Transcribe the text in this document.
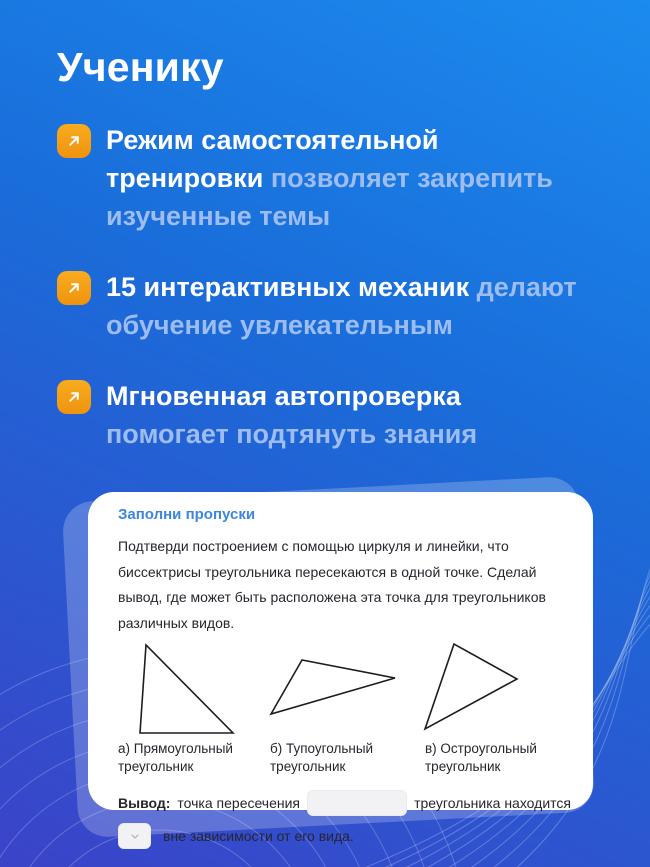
Ученику

Режим самостоятельной тренировки позволяет закрепить изученные темы

15 интерактивных механик делают обучение увлекательным

Мгновенная автопроверка помогает подтянуть знания

Заполни пропуски

Подтверди построением с помощью циркуля и линейки, что биссектрисы треугольника пересекаются в одной точке. Сделай вывод, где может быть расположена эта точка для треугольников различных видов.

а) Прямоугольный треугольник
б) Тупоугольный треугольник
в) Остроугольный треугольник
Вывод: точка пересечения	треугольника находится
вне зависимости от его вида.
